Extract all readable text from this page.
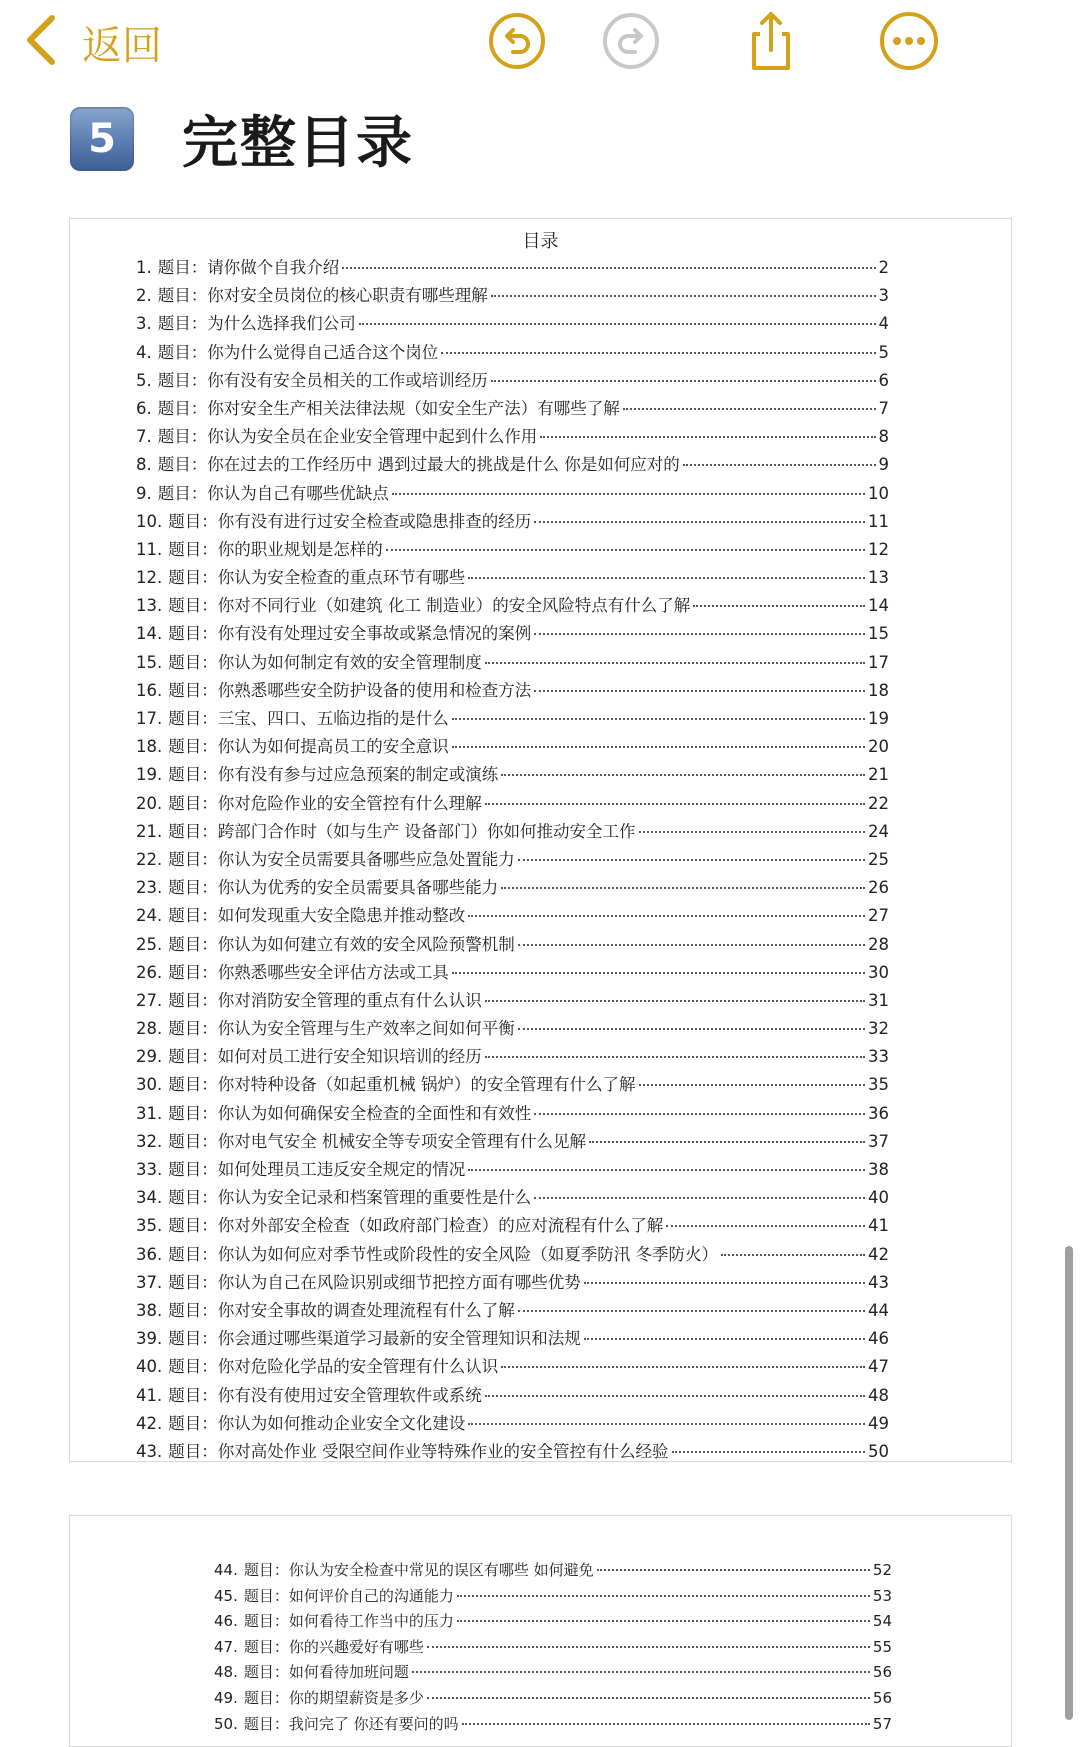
返回
5	完整目录
目录
1. 题目：请你做个自我介绍	2
2. 题目：你对安全员岗位的核心职责有哪些理解	3
3. 题目：为什么选择我们公司	4
4. 题目：你为什么觉得自己适合这个岗位	5
5. 题目：你有没有安全员相关的工作或培训经历	6
6. 题目：你对安全生产相关法律法规（如安全生产法）有哪些了解	7
7. 题目：你认为安全员在企业安全管理中起到什么作用	8
8. 题目：你在过去的工作经历中 遇到过最大的挑战是什么 你是如何应对的	9
9. 题目：你认为自己有哪些优缺点	10
10. 题目：你有没有进行过安全检查或隐患排查的经历	11
11. 题目：你的职业规划是怎样的	12
12. 题目：你认为安全检查的重点环节有哪些	13
13. 题目：你对不同行业（如建筑 化工 制造业）的安全风险特点有什么了解	14
14. 题目：你有没有处理过安全事故或紧急情况的案例	15
15. 题目：你认为如何制定有效的安全管理制度	17
16. 题目：你熟悉哪些安全防护设备的使用和检查方法	18
17. 题目：三宝、四口、五临边指的是什么	19
18. 题目：你认为如何提高员工的安全意识	20
19. 题目：你有没有参与过应急预案的制定或演练	21
20. 题目：你对危险作业的安全管控有什么理解	22
21. 题目：跨部门合作时（如与生产 设备部门）你如何推动安全工作	24
22. 题目：你认为安全员需要具备哪些应急处置能力	25
23. 题目：你认为优秀的安全员需要具备哪些能力	26
24. 题目：如何发现重大安全隐患并推动整改	27
25. 题目：你认为如何建立有效的安全风险预警机制	28
26. 题目：你熟悉哪些安全评估方法或工具	30
27. 题目：你对消防安全管理的重点有什么认识	31
28. 题目：你认为安全管理与生产效率之间如何平衡	32
29. 题目：如何对员工进行安全知识培训的经历	33
30. 题目：你对特种设备（如起重机械 锅炉）的安全管理有什么了解	35
31. 题目：你认为如何确保安全检查的全面性和有效性	36
32. 题目：你对电气安全 机械安全等专项安全管理有什么见解	37
33. 题目：如何处理员工违反安全规定的情况	38
34. 题目：你认为安全记录和档案管理的重要性是什么	40
35. 题目：你对外部安全检查（如政府部门检查）的应对流程有什么了解	41
36. 题目：你认为如何应对季节性或阶段性的安全风险（如夏季防汛 冬季防火）	42
37. 题目：你认为自己在风险识别或细节把控方面有哪些优势	43
38. 题目：你对安全事故的调查处理流程有什么了解	44
39. 题目：你会通过哪些渠道学习最新的安全管理知识和法规	46
40. 题目：你对危险化学品的安全管理有什么认识	47
41. 题目：你有没有使用过安全管理软件或系统	48
42. 题目：你认为如何推动企业安全文化建设	49
43. 题目：你对高处作业 受限空间作业等特殊作业的安全管控有什么经验	50
44. 题目：你认为安全检查中常见的误区有哪些 如何避免	52
45. 题目：如何评价自己的沟通能力	53
46. 题目：如何看待工作当中的压力	54
47. 题目：你的兴趣爱好有哪些	55
48. 题目：如何看待加班问题	56
49. 题目：你的期望薪资是多少	56
50. 题目：我问完了 你还有要问的吗	57
